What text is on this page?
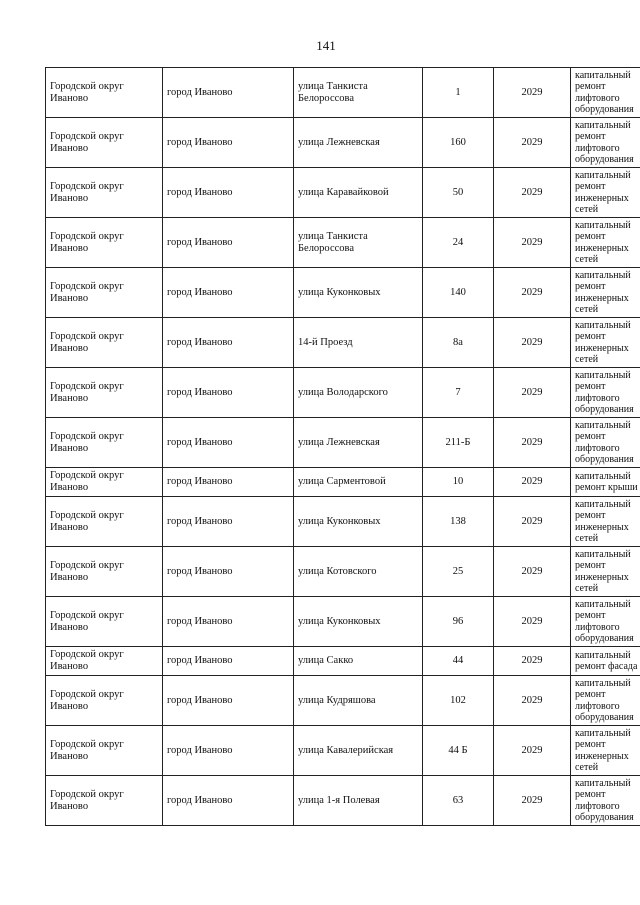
141
Городской округ Иваново	город Иваново	улица Танкиста Белороссова	1	2029	капитальный ремонт лифтового оборудования
Городской округ Иваново	город Иваново	улица Лежневская	160	2029	капитальный ремонт лифтового оборудования
Городской округ Иваново	город Иваново	улица Каравайковой	50	2029	капитальный ремонт инженерных сетей
Городской округ Иваново	город Иваново	улица Танкиста Белороссова	24	2029	капитальный ремонт инженерных сетей
Городской округ Иваново	город Иваново	улица Куконковых	140	2029	капитальный ремонт инженерных сетей
Городской округ Иваново	город Иваново	14-й Проезд	8а	2029	капитальный ремонт инженерных сетей
Городской округ Иваново	город Иваново	улица Володарского	7	2029	капитальный ремонт лифтового оборудования
Городской округ Иваново	город Иваново	улица Лежневская	211-Б	2029	капитальный ремонт лифтового оборудования
Городской округ Иваново	город Иваново	улица Сарментовой	10	2029	капитальный ремонт крыши
Городской округ Иваново	город Иваново	улица Куконковых	138	2029	капитальный ремонт инженерных сетей
Городской округ Иваново	город Иваново	улица Котовского	25	2029	капитальный ремонт инженерных сетей
Городской округ Иваново	город Иваново	улица Куконковых	96	2029	капитальный ремонт лифтового оборудования
Городской округ Иваново	город Иваново	улица Сакко	44	2029	капитальный ремонт фасада
Городской округ Иваново	город Иваново	улица Кудряшова	102	2029	капитальный ремонт лифтового оборудования
Городской округ Иваново	город Иваново	улица Кавалерийская	44 Б	2029	капитальный ремонт инженерных сетей
Городской округ Иваново	город Иваново	улица 1-я Полевая	63	2029	капитальный ремонт лифтового оборудования
